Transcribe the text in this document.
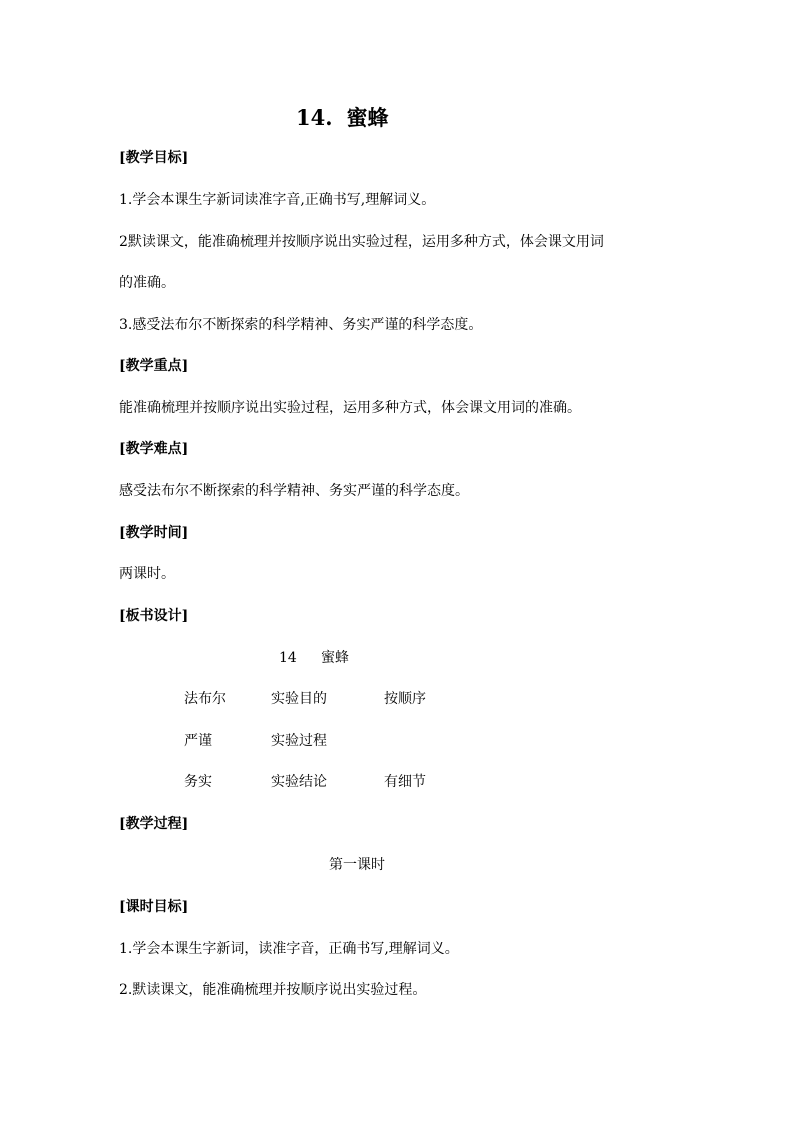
14. 蜜蜂
[教学目标]
1.学会本课生字新词读准字音,正确书写,理解词义。
2默读课文，能准确梳理并按顺序说出实验过程，运用多种方式，体会课文用词
的准确。
3.感受法布尔不断探索的科学精神、务实严谨的科学态度。
[教学重点]
能准确梳理并按顺序说出实验过程，运用多种方式，体会课文用词的准确。
[教学难点]
感受法布尔不断探索的科学精神、务实严谨的科学态度。
[教学时间]
两课时。
[板书设计]
14 蜜蜂
法布尔	实验目的	按顺序
严谨	实验过程
务实	实验结论	有细节
[教学过程]
第一课时
[课时目标]
1.学会本课生字新词，读准字音，正确书写,理解词义。
2.默读课文，能准确梳理并按顺序说出实验过程。
